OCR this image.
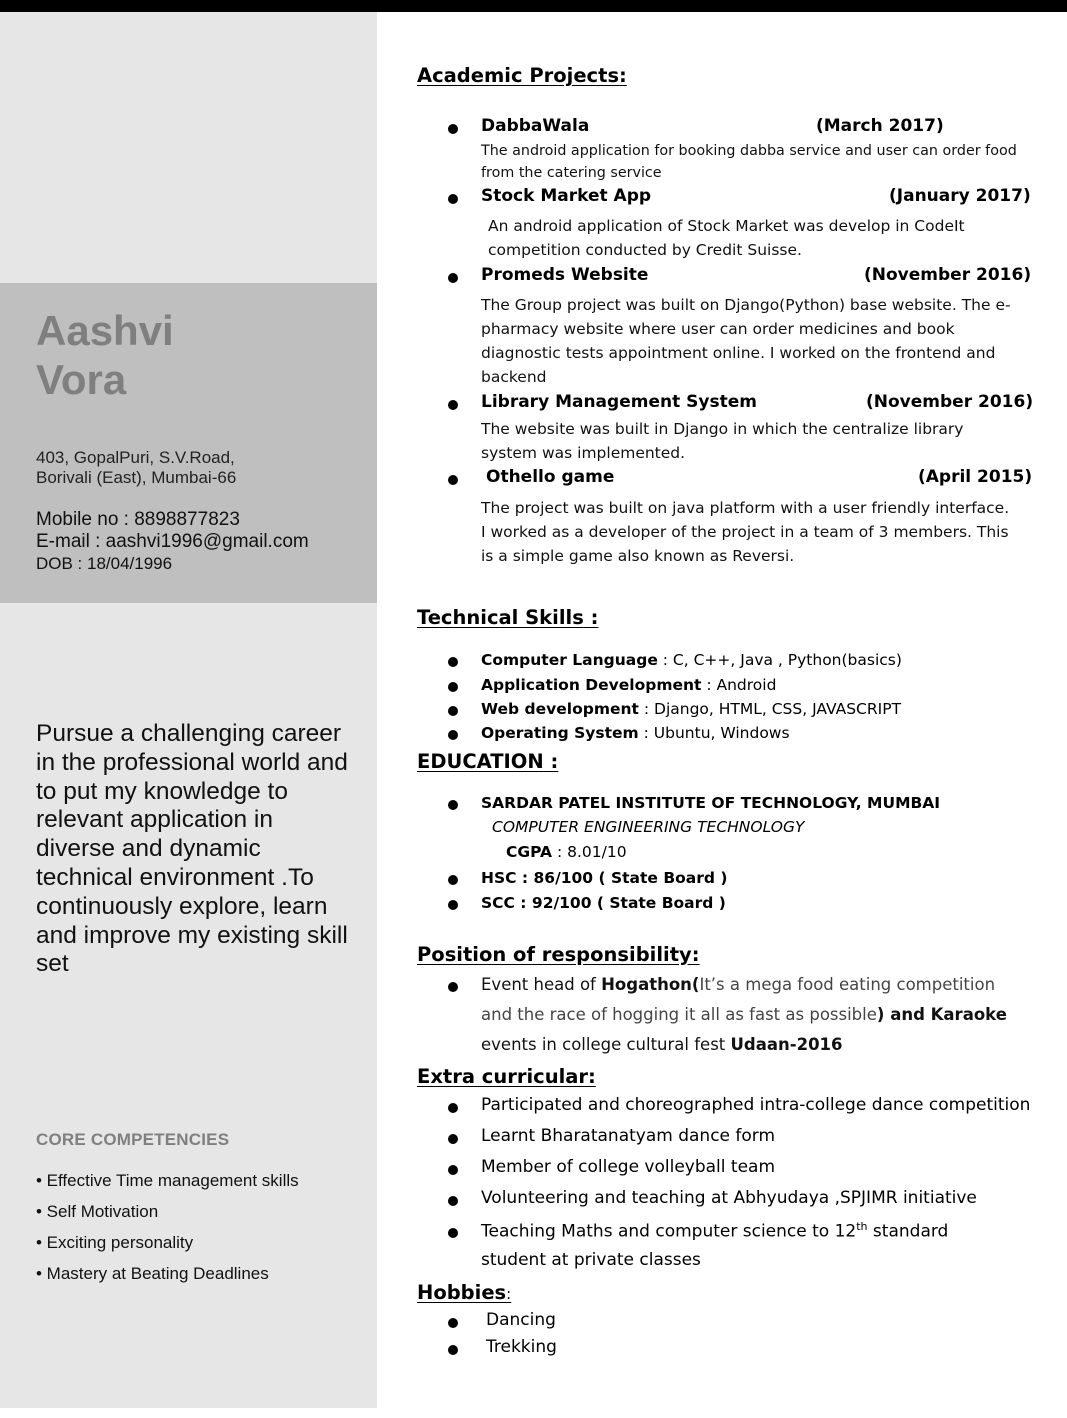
Aashvi
Vora
403, GopalPuri, S.V.Road,
Borivali (East), Mumbai-66
Mobile no : 8898877823
E-mail : aashvi1996@gmail.com
DOB : 18/04/1996
Pursue a challenging career
in the professional world and
to put my knowledge to
relevant application in
diverse and dynamic
technical environment .To
continuously explore, learn
and improve my existing skill
set
CORE COMPETENCIES
• Effective Time management skills
• Self Motivation
• Exciting personality
• Mastery at Beating Deadlines
Academic Projects:
DabbaWala	(March 2017)
The android application for booking dabba service and user can order food
from the catering service
Stock Market App	(January 2017)
An android application of Stock Market was develop in CodeIt
competition conducted by Credit Suisse.
Promeds Website	(November 2016)
The Group project was built on Django(Python) base website. The e-
pharmacy website where user can order medicines and book
diagnostic tests appointment online. I worked on the frontend and
backend
Library Management System	(November 2016)
The website was built in Django in which the centralize library
system was implemented.
Othello game	(April 2015)
The project was built on java platform with a user friendly interface.
I worked as a developer of the project in a team of 3 members. This
is a simple game also known as Reversi.
Technical Skills :
Computer Language : C, C++, Java , Python(basics)
Application Development : Android
Web development : Django, HTML, CSS, JAVASCRIPT
Operating System : Ubuntu, Windows
EDUCATION :
SARDAR PATEL INSTITUTE OF TECHNOLOGY, MUMBAI
COMPUTER ENGINEERING TECHNOLOGY
CGPA : 8.01/10
HSC : 86/100 ( State Board )
SCC : 92/100 ( State Board )
Position of responsibility:
Event head of Hogathon(It’s a mega food eating competition
and the race of hogging it all as fast as possible) and Karaoke
events in college cultural fest Udaan-2016
Extra curricular:
Participated and choreographed intra-college dance competition
Learnt Bharatanatyam dance form
Member of college volleyball team
Volunteering and teaching at Abhyudaya ,SPJIMR initiative
Teaching Maths and computer science to 12th standard
student at private classes
Hobbies:
Dancing
Trekking
